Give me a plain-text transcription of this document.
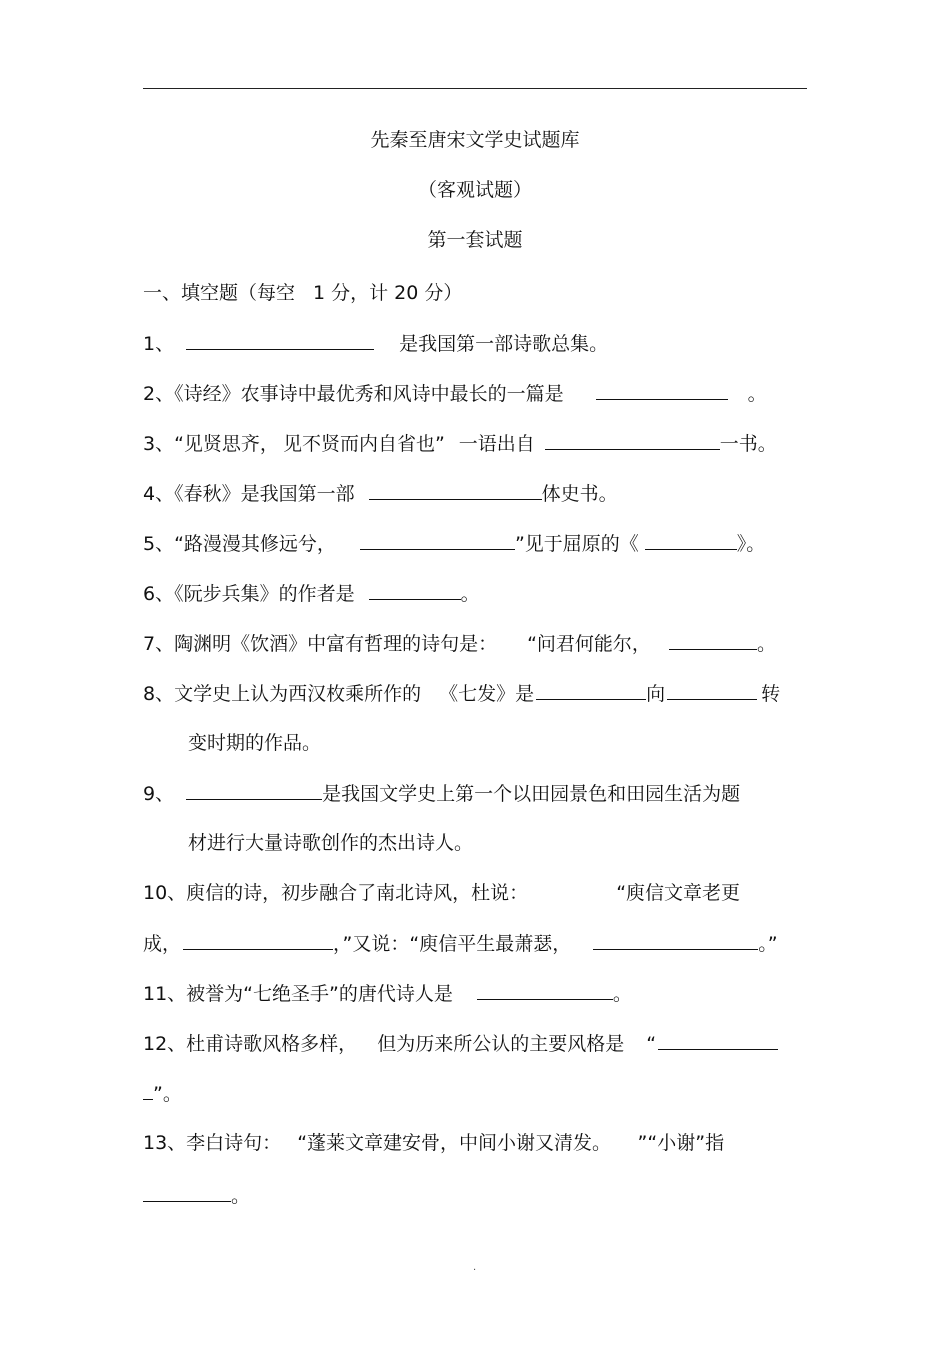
先秦至唐宋文学史试题库
（客观试题）
第一套试题
一、填空题（每空 1 分，计 20 分）
1、	是我国第一部诗歌总集。
2、《诗经》农事诗中最优秀和风诗中最长的一篇是	。
3、“见贤思齐， 见不贤而内自省也” 一语出自	一书。
4、《春秋》是我国第一部	体史书。
5、“路漫漫其修远兮，	”见于屈原的《	》。
6、《阮步兵集》的作者是	。
7、陶渊明《饮酒》中富有哲理的诗句是： “问君何能尔，	。
8、文学史上认为西汉枚乘所作的 《七发》是	向	转
变时期的作品。
9、	是我国文学史上第一个以田园景色和田园生活为题
材进行大量诗歌创作的杰出诗人。
10、庾信的诗，初步融合了南北诗风，杜说：	“庾信文章老更
成，	，”又说：“庾信平生最萧瑟，	。”
11、被誉为“七绝圣手”的唐代诗人是	。
12、杜甫诗歌风格多样， 但为历来所公认的主要风格是 “
”。
13、李白诗句： “蓬莱文章建安骨，中间小谢又清发。 ”“小谢”指
。
.
